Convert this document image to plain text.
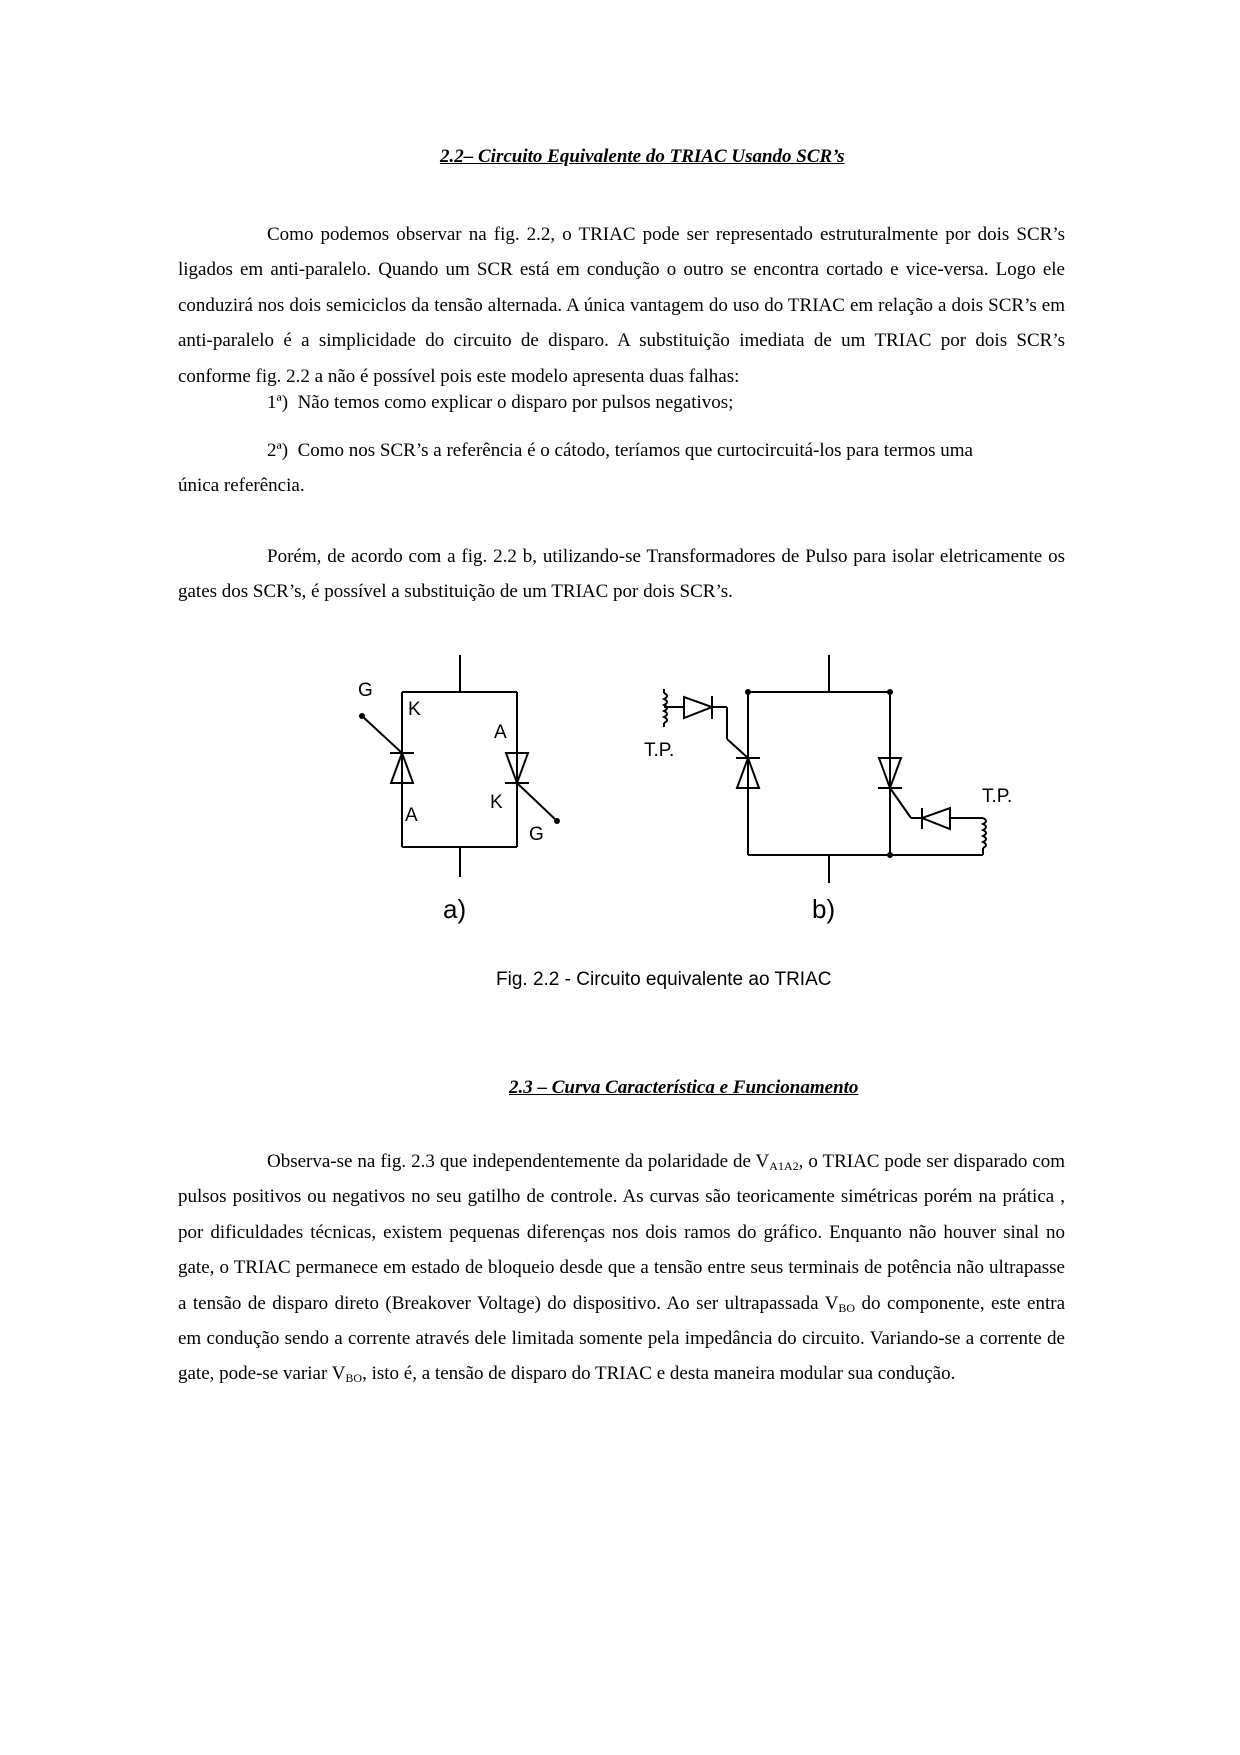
2.2– Circuito Equivalente do TRIAC Usando SCR’s

Como podemos observar na fig. 2.2, o TRIAC pode ser representado estruturalmente por dois SCR’s ligados em anti-paralelo. Quando um SCR está em condução o outro se encontra cortado e vice-versa. Logo ele conduzirá nos dois semiciclos da tensão alternada. A única vantagem do uso do TRIAC em relação a dois SCR’s em anti-paralelo é a simplicidade do circuito de disparo. A substituição imediata de um TRIAC por dois SCR’s conforme fig. 2.2 a não é possível pois este modelo apresenta duas falhas:

1ª) Não temos como explicar o disparo por pulsos negativos;
2ª) Como nos SCR’s a referência é o cátodo, teríamos que curtocircuitá-los para termos uma
única referência.

Porém, de acordo com a fig. 2.2 b, utilizando-se Transformadores de Pulso para isolar eletricamente os gates dos SCR’s, é possível a substituição de um TRIAC por dois SCR’s.

G
K
A
A
K
G
T.P.
T.P.
a)	b)
Fig. 2.2 - Circuito equivalente ao TRIAC
2.3 – Curva Característica e Funcionamento

Observa-se na fig. 2.3 que independentemente da polaridade de $V_{A1A2}$, o TRIAC pode ser disparado com pulsos positivos ou negativos no seu gatilho de controle. As curvas são teoricamente simétricas porém na prática , por dificuldades técnicas, existem pequenas diferenças nos dois ramos do gráfico. Enquanto não houver sinal no gate, o TRIAC permanece em estado de bloqueio desde que a tensão entre seus terminais de potência não ultrapasse a tensão de disparo direto (Breakover Voltage) do dispositivo. Ao ser ultrapassada $V_{BO}$ do componente, este entra em condução sendo a corrente através dele limitada somente pela impedância do circuito. Variando-se a corrente de gate, pode-se variar $V_{BO}$, isto é, a tensão de disparo do TRIAC e desta maneira modular sua condução.
